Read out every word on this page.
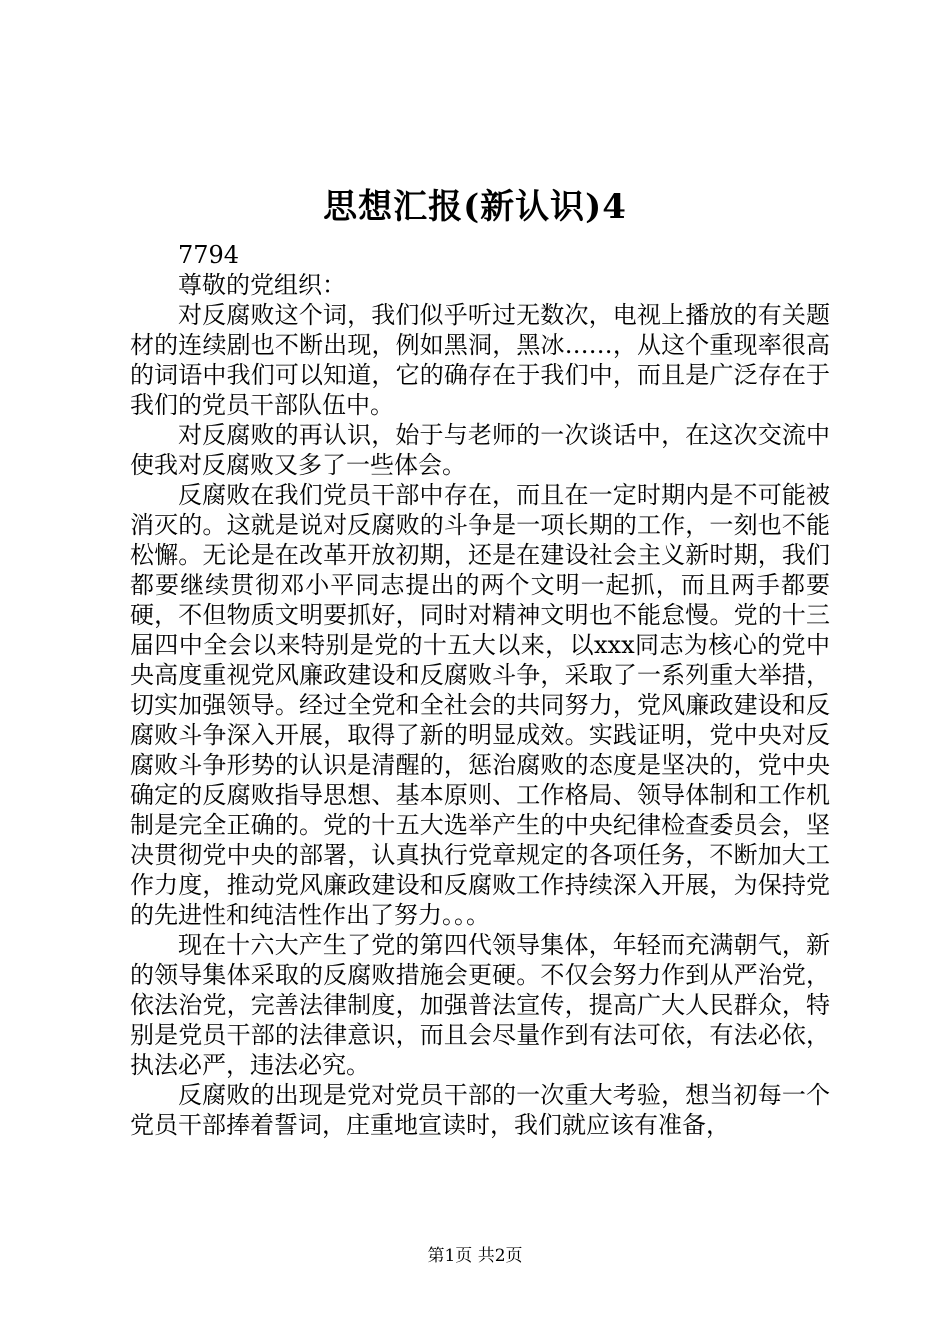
思想汇报(新认识)4

7794

尊敬的党组织：

对反腐败这个词，我们似乎听过无数次，电视上播放的有关题材的连续剧也不断出现，例如黑洞，黑冰……，从这个重现率很高的词语中我们可以知道，它的确存在于我们中，而且是广泛存在于我们的党员干部队伍中。

对反腐败的再认识，始于与老师的一次谈话中，在这次交流中使我对反腐败又多了一些体会。

反腐败在我们党员干部中存在，而且在一定时期内是不可能被消灭的。这就是说对反腐败的斗争是一项长期的工作，一刻也不能松懈。无论是在改革开放初期，还是在建设社会主义新时期，我们都要继续贯彻邓小平同志提出的两个文明一起抓，而且两手都要硬，不但物质文明要抓好，同时对精神文明也不能怠慢。党的十三届四中全会以来特别是党的十五大以来，以xxx同志为核心的党中央高度重视党风廉政建设和反腐败斗争，采取了一系列重大举措，切实加强领导。经过全党和全社会的共同努力，党风廉政建设和反腐败斗争深入开展，取得了新的明显成效。实践证明，党中央对反腐败斗争形势的认识是清醒的，惩治腐败的态度是坚决的，党中央确定的反腐败指导思想、基本原则、工作格局、领导体制和工作机制是完全正确的。党的十五大选举产生的中央纪律检查委员会，坚决贯彻党中央的部署，认真执行党章规定的各项任务，不断加大工作力度，推动党风廉政建设和反腐败工作持续深入开展，为保持党的先进性和纯洁性作出了努力。。。

现在十六大产生了党的第四代领导集体，年轻而充满朝气，新的领导集体采取的反腐败措施会更硬。不仅会努力作到从严治党，依法治党，完善法律制度，加强普法宣传，提高广大人民群众，特别是党员干部的法律意识，而且会尽量作到有法可依，有法必依，执法必严，违法必究。

反腐败的出现是党对党员干部的一次重大考验，想当初每一个党员干部捧着誓词，庄重地宣读时，我们就应该有准备，

第1页 共2页
